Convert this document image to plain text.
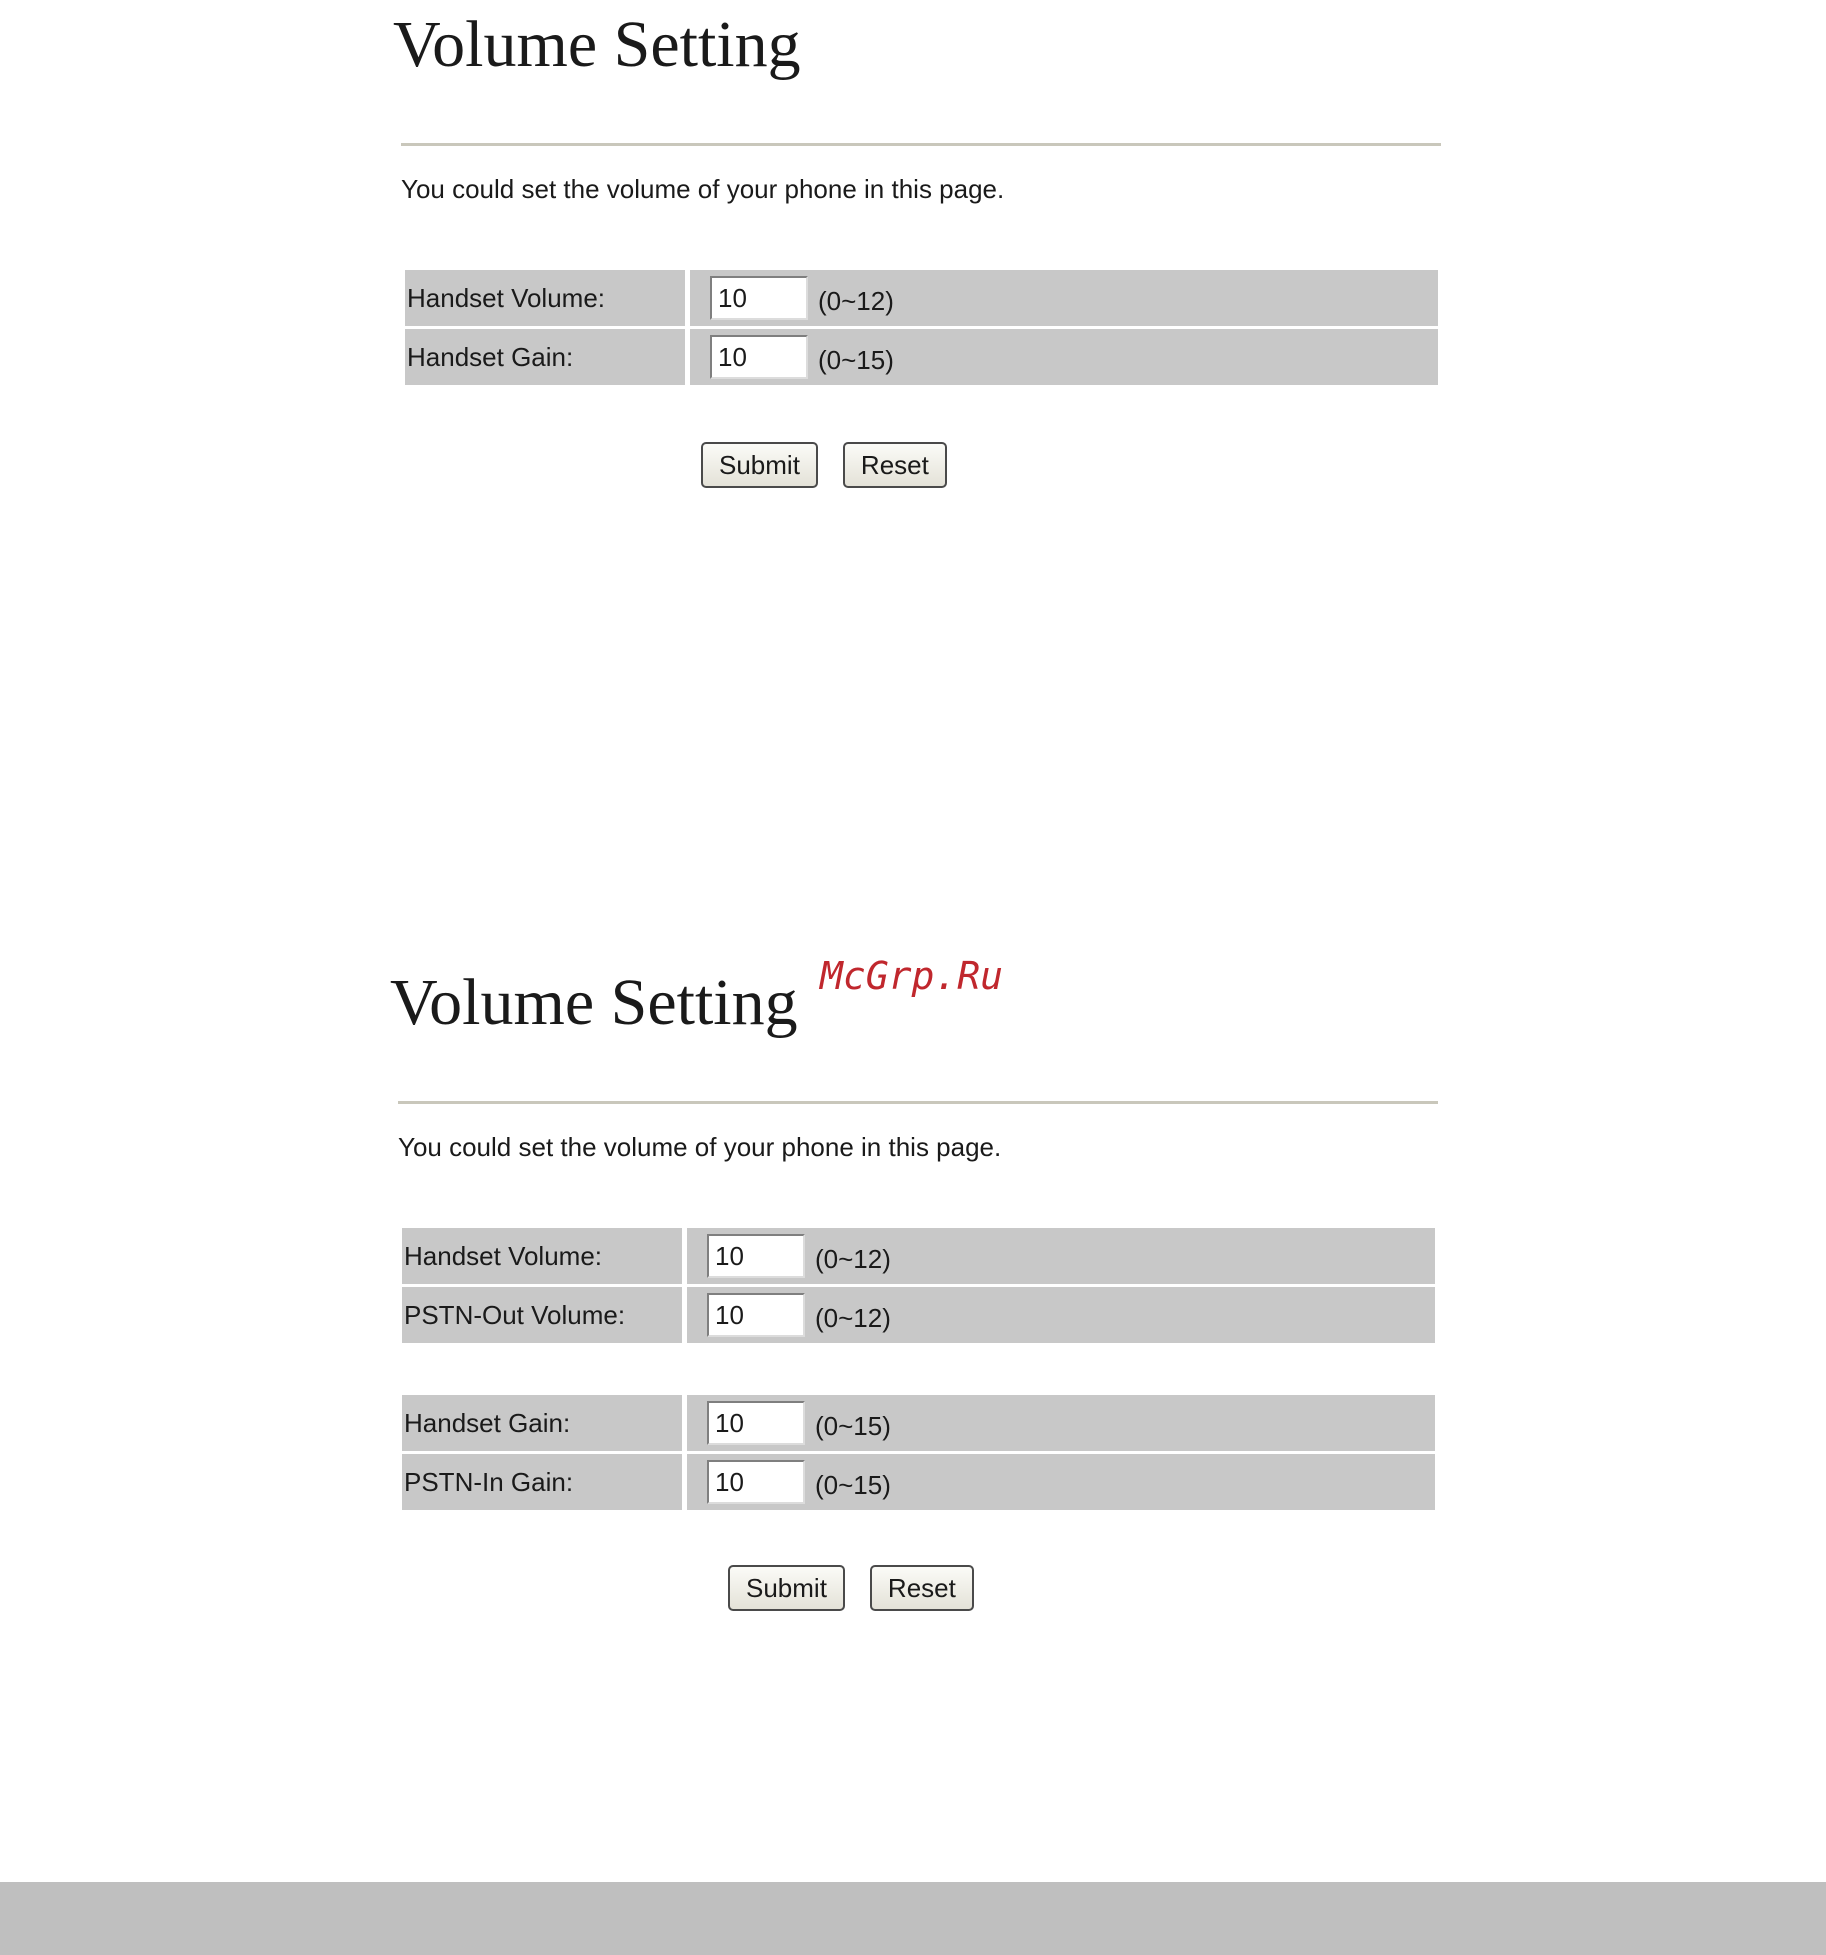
Volume Setting
You could set the volume of your phone in this page.
Handset Volume:
10	(0~12)
Handset Gain:
10	(0~15)
Submit	Reset
McGrp.Ru
Volume Setting
You could set the volume of your phone in this page.
Handset Volume:
10	(0~12)
PSTN-Out Volume:
10	(0~12)
Handset Gain:
10	(0~15)
PSTN-In Gain:
10	(0~15)
Submit	Reset
